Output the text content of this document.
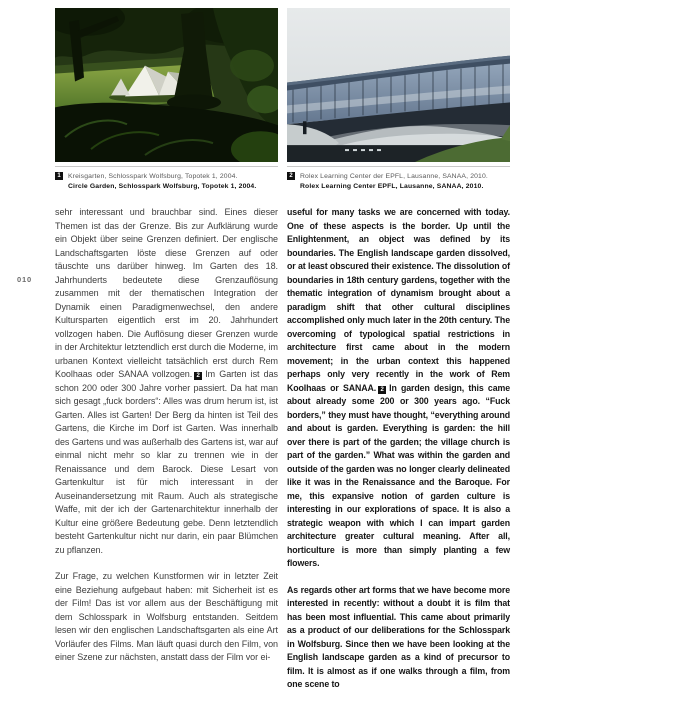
010
1	Kreisgarten, Schlosspark Wolfsburg, Topotek 1, 2004.
Circle Garden, Schlosspark Wolfsburg, Topotek 1, 2004.
2	Rolex Learning Center der EPFL, Lausanne, SANAA, 2010.
Rolex Learning Center EPFL, Lausanne, SANAA, 2010.

sehr interessant und brauchbar sind. Eines dieser Themen ist das der Grenze. Bis zur Aufklärung wurde ein Objekt über seine Grenzen definiert. Der englische Landschaftsgarten löste diese Grenzen auf oder täuschte uns darüber hinweg. Im Garten des 18. Jahrhunderts bedeutete diese Grenzauflösung zusammen mit der thematischen Integration der Dynamik einen Paradigmenwechsel, den andere Kultursparten eigentlich erst im 20. Jahrhundert vollzogen haben. Die Auflösung dieser Grenzen wurde in der Architektur letztendlich erst durch die Moderne, im urbanen Kontext vielleicht tatsächlich erst durch Rem Koolhaas oder SANAA vollzogen. 2 Im Garten ist das schon 200 oder 300 Jahre vorher passiert. Da hat man sich gesagt „fuck borders“: Alles was drum herum ist, ist Garten. Alles ist Garten! Der Berg da hinten ist Teil des Gartens, die Kirche im Dorf ist Garten. Was innerhalb des Gartens und was außerhalb des Gartens ist, war auf einmal nicht mehr so klar zu trennen wie in der Renaissance und dem Barock. Diese Lesart von Gartenkultur ist für mich interessant in der Auseinandersetzung mit Raum. Auch als strategische Waffe, mit der ich der Gartenarchitektur innerhalb der Kultur eine größere Bedeutung gebe. Denn letztendlich besteht Gartenkultur nicht nur darin, ein paar Blümchen zu pflanzen.

Zur Frage, zu welchen Kunstformen wir in letzter Zeit eine Beziehung aufgebaut haben: mit Sicherheit ist es der Film! Das ist vor allem aus der Beschäftigung mit dem Schlosspark in Wolfsburg entstanden. Seitdem lesen wir den englischen Landschaftsgarten als eine Art Vorläufer des Films. Man läuft quasi durch den Film, von einer Szene zur nächsten, anstatt dass der Film vor ei-

useful for many tasks we are concerned with today. One of these aspects is the border. Up until the Enlightenment, an object was defined by its boundaries. The English landscape garden dissolved, or at least obscured their existence. The dissolution of boundaries in 18th century gardens, together with the thematic integration of dynamism brought about a paradigm shift that other cultural disciplines accomplished only much later in the 20th century. The overcoming of typological spatial restrictions in architecture first came about in the modern movement; in the urban context this happened perhaps only very recently in the work of Rem Koolhaas or SANAA. 2 In garden design, this came about already some 200 or 300 years ago. “Fuck borders,” they must have thought, “everything around and about is garden. Everything is garden: the hill over there is part of the garden; the village church is part of the garden.” What was within the garden and outside of the garden was no longer clearly delineated like it was in the Renaissance and the Baroque. For me, this expansive notion of garden culture is interesting in our explorations of space. It is also a strategic weapon with which I can impart garden architecture greater cultural meaning. After all, horticulture is more than simply planting a few flowers.

As regards other art forms that we have become more interested in recently: without a doubt it is film that has been most influential. This came about primarily as a product of our deliberations for the Schlosspark in Wolfsburg. Since then we have been looking at the English landscape garden as a kind of precursor to film. It is almost as if one walks through a film, from one scene to
